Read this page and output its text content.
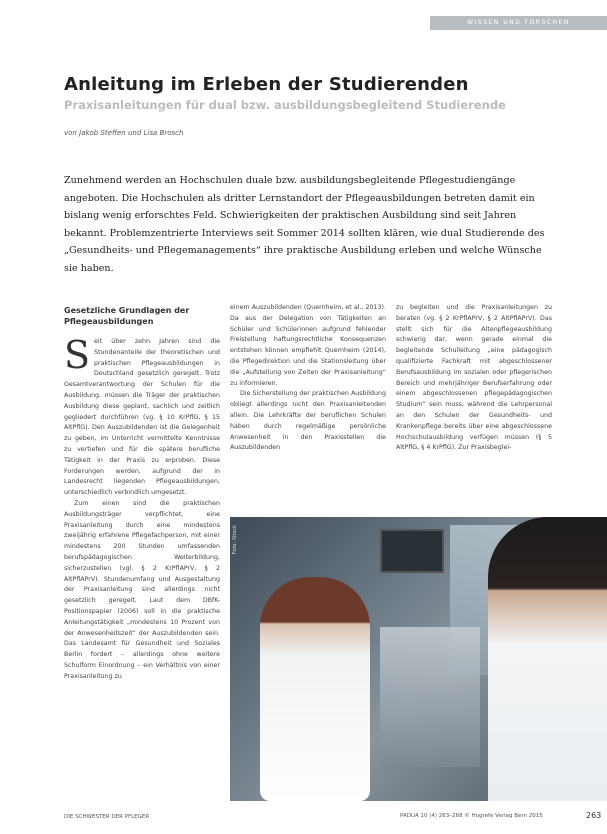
WISSEN UND FORSCHEN
Anleitung im Erleben der Studierenden
Praxisanleitungen für dual bzw. ausbildungsbegleitend Studierende
von Jakob Steffen und Lisa Brosch
Zunehmend werden an Hochschulen duale bzw. ausbildungsbegleitende Pflegestudiengänge angeboten. Die Hochschulen als dritter Lernstandort der Pflegeausbildungen betreten damit ein bislang wenig erforschtes Feld. Schwierigkeiten der praktischen Ausbildung sind seit Jahren bekannt. Problemzentrierte Interviews seit Sommer 2014 sollten klären, wie dual Studierende des „Gesundheits- und Pflegemanagements“ ihre praktische Ausbildung erleben und welche Wünsche sie haben.
Gesetzliche Grundlagen der Pflegeausbildungen

Seit über zehn Jahren sind die Stundenanteile der theoretischen und praktischen Pflegeausbildungen in Deutschland gesetzlich geregelt. Trotz Gesamtverantwortung der Schulen für die Ausbildung, müssen die Träger der praktischen Ausbildung diese geplant, sachlich und zeitlich gegliedert durchführen (vg. § 10 KrPflG, § 15 AltPflG). Den Auszubildenden ist die Gelegenheit zu geben, im Unterricht vermittelte Kenntnisse zu vertiefen und für die spätere berufliche Tätigkeit in der Praxis zu erproben. Diese Forderungen werden, aufgrund der in Landesrecht liegenden Pflegeausbildungen, unterschiedlich verbindlich umgesetzt.

Zum einen sind die praktischen Ausbildungsträger verpflichtet, eine Praxisanleitung durch eine mindestens zweijährig erfahrene Pflegefachperson, mit einer mindestens 200 Stunden umfassenden berufspädagogischen Weiterbildung, sicherzustellen (vgl. § 2 KrPflAPrV, § 2 AltPflAPrV). Stundenumfang und Ausgestaltung der Praxisanleitung sind allerdings nicht gesetzlich geregelt. Laut dem DBfK-Positionspapier (2006) soll in die praktische Anleitungstätigkeit „mindestens 10 Prozent von der Anwesenheitszeit“ der Auszubildenden sein. Das Landesamt für Gesundheit und Soziales Berlin fordert – allerdings ohne weitere Schulform Einordnung – ein Verhältnis von einer Praxisanleitung zu

einem Auszubildenden (Quernheim, et al., 2013). Da aus der Delegation von Tätigkeiten an Schüler und Schülerinnen aufgrund fehlender Freistellung haftungsrechtliche Konsequenzen entstehen können empfiehlt Quernheim (2014), die Pflegedirektion und die Stationsleitung über die „Aufstellung von Zeiten der Praxisanleitung“ zu informieren.

Die Sicherstellung der praktischen Ausbildung obliegt allerdings nicht den Praxisanleitenden allein. Die Lehrkräfte der beruflichen Schulen haben durch regelmäßige persönliche Anwesenheit in den Praxisstellen die Auszubildenden

zu begleiten und die Praxisanleitungen zu beraten (vg. § 2 KrPflAPrV, § 2 AltPflAPrV). Das stellt sich für die Altenpflegeausbildung schwierig dar, wenn gerade einmal die begleitende Schulleitung „eine pädagogisch qualifizierte Fachkraft mit abgeschlossener Berufsausbildung im sozialen oder pflegerischen Bereich und mehrjähriger Berufserfahrung oder einem abgeschlossenen pflegepädagogischen Studium“ sein muss, während die Lehrpersonal an den Schulen der Gesundheits- und Krankenpflege bereits über eine abgeschlossene Hochschulausbildung verfügen müssen (§ 5 AltPflG, § 4 KrPflG). Zur Praxisbeglei-

Foto: iStock
DIE SCHWESTER DER PFLEGER	PADUA 10 (4) 263–268 © Hogrefe Verlag Bern 2015	263
